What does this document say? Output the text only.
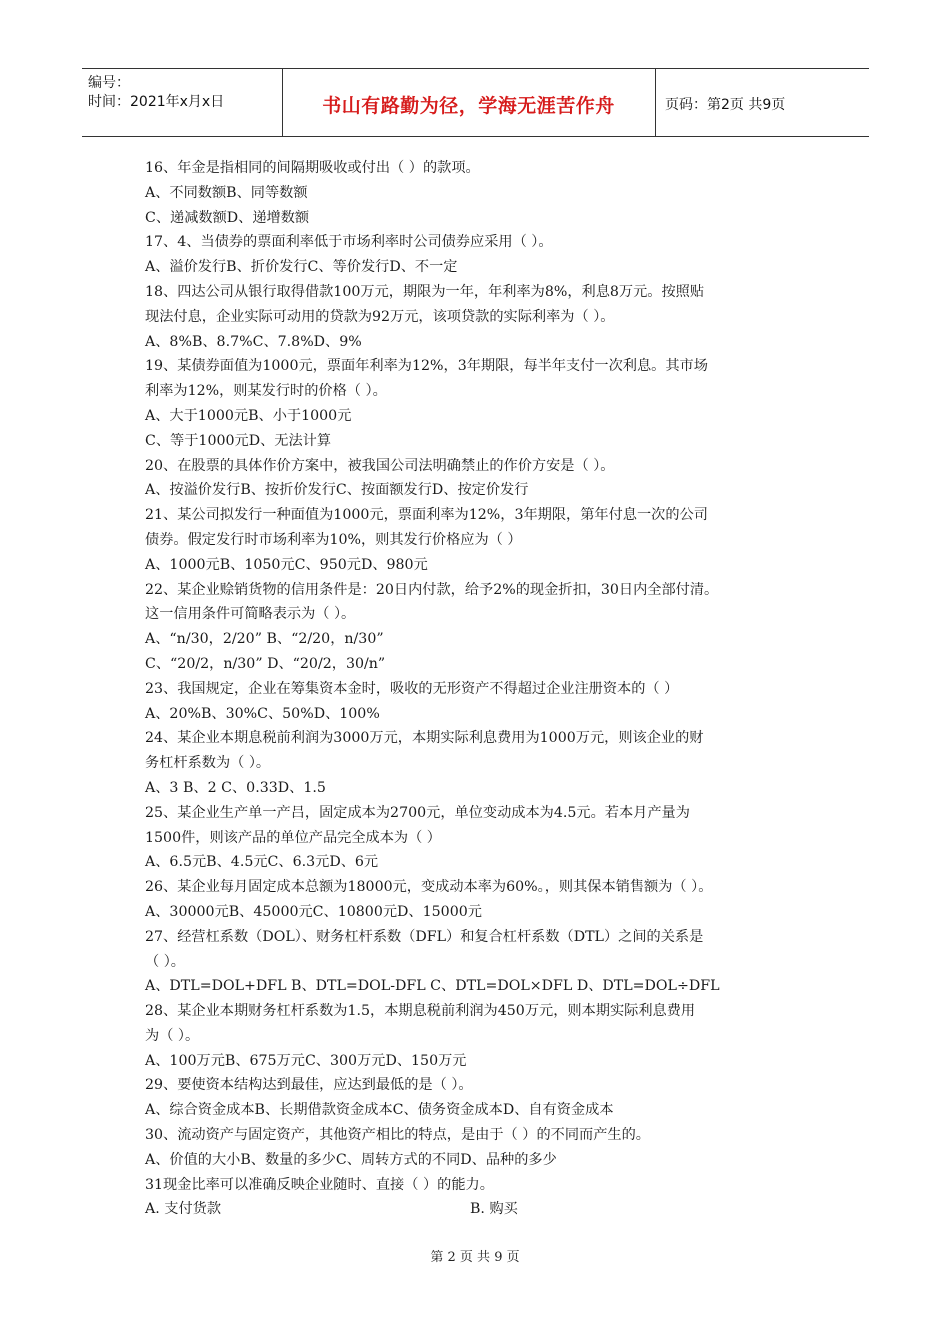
编号：
时间：2021年x月x日	书山有路勤为径，学海无涯苦作舟	页码：第2页 共9页
16、年金是指相同的间隔期吸收或付出（ ）的款项。
A、不同数额B、同等数额
C、递减数额D、递增数额
17、4、当债券的票面利率低于市场利率时公司债券应采用（ ）。
A、溢价发行B、折价发行C、等价发行D、不一定
18、四达公司从银行取得借款100万元，期限为一年，年利率为8%，利息8万元。按照贴
现法付息，企业实际可动用的贷款为92万元，该项贷款的实际利率为（ ）。
A、8%B、8.7%C、7.8%D、9%
19、某债券面值为1000元，票面年利率为12%，3年期限，每半年支付一次利息。其市场
利率为12%，则某发行时的价格（ ）。
A、大于1000元B、小于1000元
C、等于1000元D、无法计算
20、在股票的具体作价方案中，被我国公司法明确禁止的作价方安是（ ）。
A、按溢价发行B、按折价发行C、按面额发行D、按定价发行
21、某公司拟发行一种面值为1000元，票面利率为12%，3年期限，第年付息一次的公司
债券。假定发行时市场利率为10%，则其发行价格应为（ ）
A、1000元B、1050元C、950元D、980元
22、某企业赊销货物的信用条件是：20日内付款，给予2%的现金折扣，30日内全部付清。
这一信用条件可简略表示为（ ）。
A、“n/30，2/20” B、“2/20，n/30”
C、“20/2，n/30” D、“20/2，30/n”
23、我国规定，企业在筹集资本金时，吸收的无形资产不得超过企业注册资本的（ ）
A、20%B、30%C、50%D、100%
24、某企业本期息税前利润为3000万元，本期实际利息费用为1000万元，则该企业的财
务杠杆系数为（ ）。
A、3 B、2 C、0.33D、1.5
25、某企业生产单一产吕，固定成本为2700元，单位变动成本为4.5元。若本月产量为
1500件，则该产品的单位产品完全成本为（ ）
A、6.5元B、4.5元C、6.3元D、6元
26、某企业每月固定成本总额为18000元，变成动本率为60%。，则其保本销售额为（ ）。
A、30000元B、45000元C、10800元D、15000元
27、经营杠系数（DOL）、财务杠杆系数（DFL）和复合杠杆系数（DTL）之间的关系是
（ ）。
A、DTL=DOL+DFL B、DTL=DOL-DFL C、DTL=DOL×DFL D、DTL=DOL÷DFL
28、某企业本期财务杠杆系数为1.5，本期息税前利润为450万元，则本期实际利息费用
为（ ）。
A、100万元B、675万元C、300万元D、150万元
29、要使资本结构达到最佳，应达到最低的是（ ）。
A、综合资金成本B、长期借款资金成本C、债务资金成本D、自有资金成本
30、流动资产与固定资产，其他资产相比的特点，是由于（ ）的不同而产生的。
A、价值的大小B、数量的多少C、周转方式的不同D、品种的多少
31现金比率可以准确反映企业随时、直接（ ）的能力。
A. 支付货款	B. 购买
第 2 页 共 9 页
